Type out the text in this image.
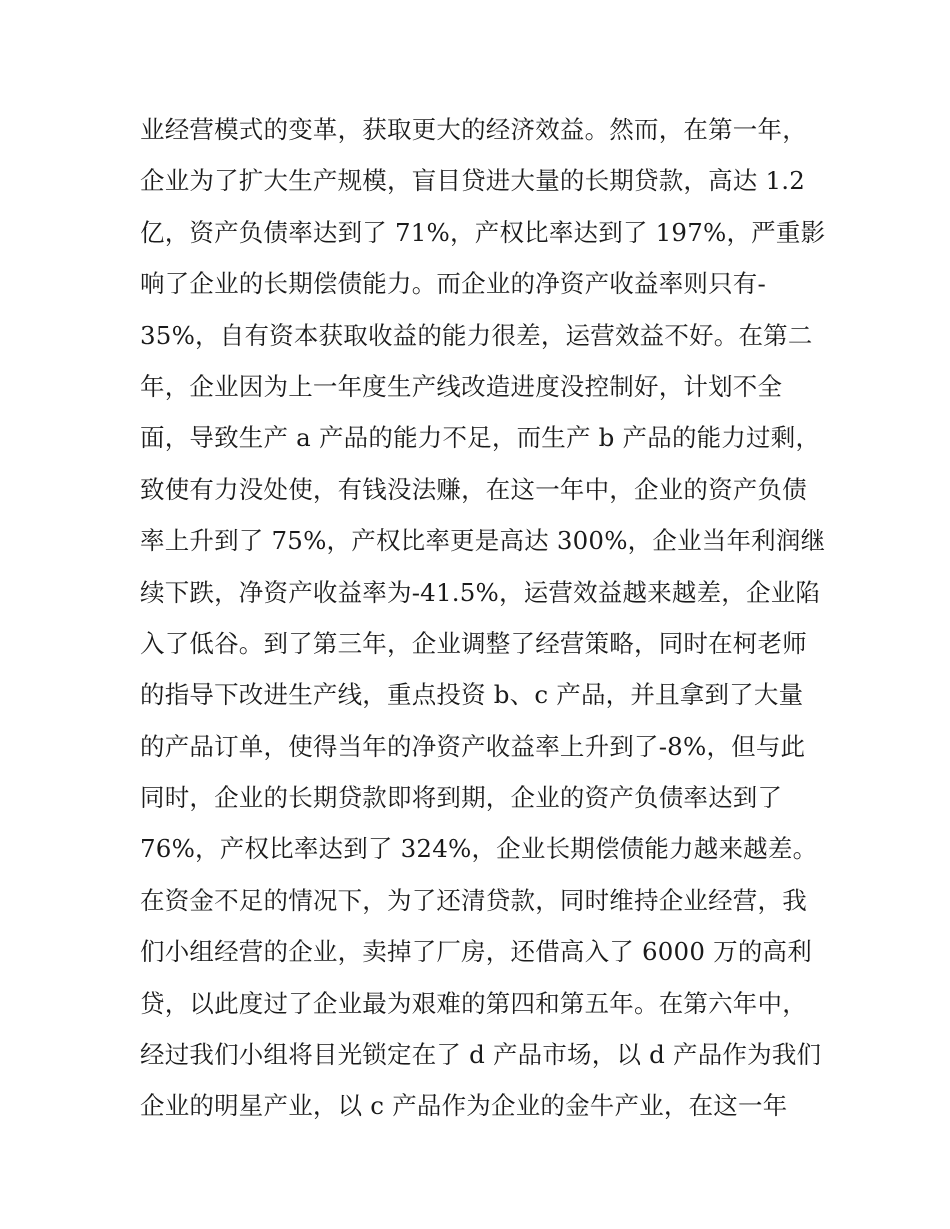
业经营模式的变革，获取更大的经济效益。然而，在第一年，
企业为了扩大生产规模，盲目贷进大量的长期贷款，高达 1.2
亿，资产负债率达到了 71%，产权比率达到了 197%，严重影
响了企业的长期偿债能力。而企业的净资产收益率则只有-
35%，自有资本获取收益的能力很差，运营效益不好。在第二
年，企业因为上一年度生产线改造进度没控制好，计划不全
面，导致生产 a 产品的能力不足，而生产 b 产品的能力过剩，
致使有力没处使，有钱没法赚，在这一年中，企业的资产负债
率上升到了 75%，产权比率更是高达 300%，企业当年利润继
续下跌，净资产收益率为-41.5%，运营效益越来越差，企业陷
入了低谷。到了第三年，企业调整了经营策略，同时在柯老师
的指导下改进生产线，重点投资 b、c 产品，并且拿到了大量
的产品订单，使得当年的净资产收益率上升到了-8%，但与此
同时，企业的长期贷款即将到期，企业的资产负债率达到了
76%，产权比率达到了 324%，企业长期偿债能力越来越差。
在资金不足的情况下，为了还清贷款，同时维持企业经营，我
们小组经营的企业，卖掉了厂房，还借高入了 6000 万的高利
贷，以此度过了企业最为艰难的第四和第五年。在第六年中，
经过我们小组将目光锁定在了 d 产品市场，以 d 产品作为我们
企业的明星产业，以 c 产品作为企业的金牛产业，在这一年
